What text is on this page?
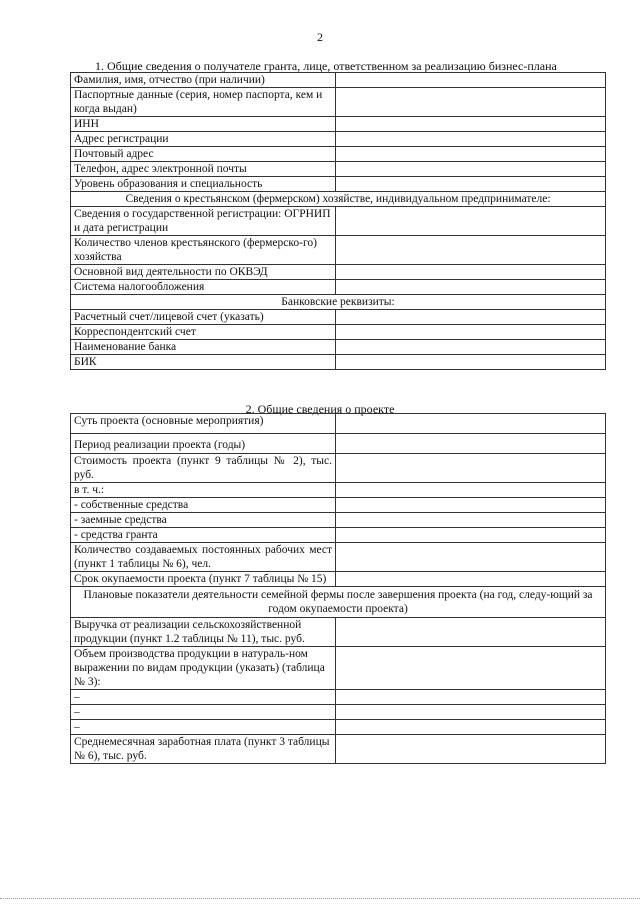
2
1. Общие сведения о получателе гранта, лице, ответственном за реализацию бизнес-плана
Фамилия, имя, отчество (при наличии)	
Паспортные данные (серия, номер паспорта, кем и когда выдан)	
ИНН	
Адрес регистрации	
Почтовый адрес	
Телефон, адрес электронной почты	
Уровень образования и специальность	
Сведения о крестьянском (фермерском) хозяйстве, индивидуальном предпринимателе:	
Сведения о государственной регистрации: ОГРНИП и дата регистрации	
Количество членов крестьянского (фермерско-го) хозяйства	
Основной вид деятельности по ОКВЭД	
Система налогообложения	
Банковские реквизиты:	
Расчетный счет/лицевой счет (указать)	
Корреспондентский счет	
Наименование банка	
БИК	
2. Общие сведения о проекте
Суть проекта (основные мероприятия)	
Период реализации проекта (годы)	
Стоимость проекта (пункт 9 таблицы № 2), тыс. руб.	
в т. ч.:	
- собственные средства	
- заемные средства	
- средства гранта	
Количество создаваемых постоянных рабочих мест (пункт 1 таблицы № 6), чел.	
Срок окупаемости проекта (пункт 7 таблицы № 15)	
Плановые показатели деятельности семейной фермы после завершения проекта (на год, следу-ющий за годом окупаемости проекта)	
Выручка от реализации сельскохозяйственной продукции (пункт 1.2 таблицы № 11), тыс. руб.	
Объем производства продукции в натураль-ном выражении по видам продукции (указать) (таблица № 3):	
–	
–	
–	
Среднемесячная заработная плата (пункт 3 таблицы № 6), тыс. руб.	
